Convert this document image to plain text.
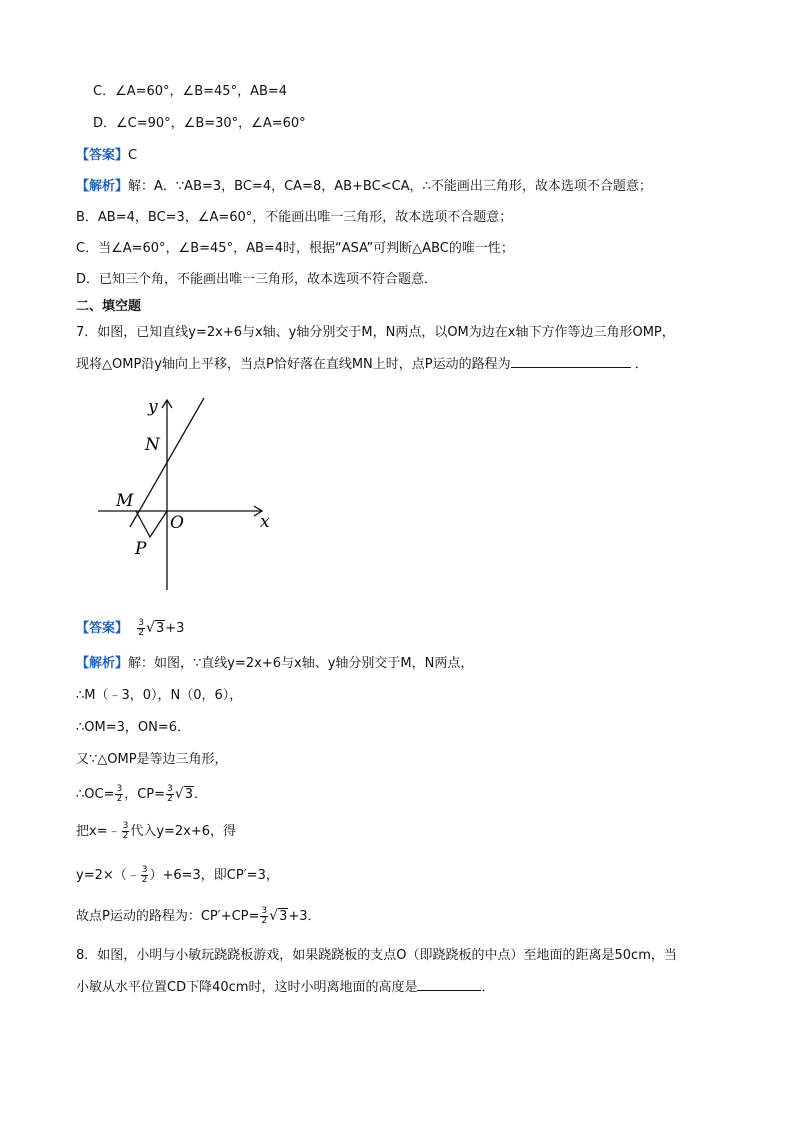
C．∠A=60°，∠B=45°，AB=4
D．∠C=90°，∠B=30°，∠A=60°
【答案】C
【解析】解：A．∵AB=3，BC=4，CA=8，AB+BC<CA，∴不能画出三角形，故本选项不合题意；
B．AB=4，BC=3，∠A=60°，不能画出唯一三角形，故本选项不合题意；
C．当∠A=60°，∠B=45°，AB=4时，根据“ASA”可判断△ABC的唯一性；
D．已知三个角，不能画出唯一三角形，故本选项不符合题意．
二、填空题
7．如图，已知直线y=2x+6与x轴、y轴分别交于M，N两点，以OM为边在x轴下方作等边三角形OMP，
现将△OMP沿y轴向上平移，当点P恰好落在直线MN上时，点P运动的路程为	．
y
x
N
M
O
P
【答案】 $\frac{3}{2} √3+3$
【解析】解：如图，∵直线y=2x+6与x轴、y轴分别交于M，N两点，
∴M（﹣3，0），N（0，6），
∴OM=3，ON=6．
又∵△OMP是等边三角形，
∴OC= $\frac{3}{2}$ ，$CP= \frac{3}{2} √3$．
把x=﹣ $\frac{3}{2}$ 代入y=2x+6，得
y=2×（﹣ $\frac{3}{2} )+6=3$，即CP′=3，
故点P运动的路程为：$CP'+CP= \frac{3}{2} √3+3$．
8．如图，小明与小敏玩跷跷板游戏，如果跷跷板的支点O（即跷跷板的中点）至地面的距离是50cm，当
小敏从水平位置CD下降40cm时，这时小明离地面的高度是	．
